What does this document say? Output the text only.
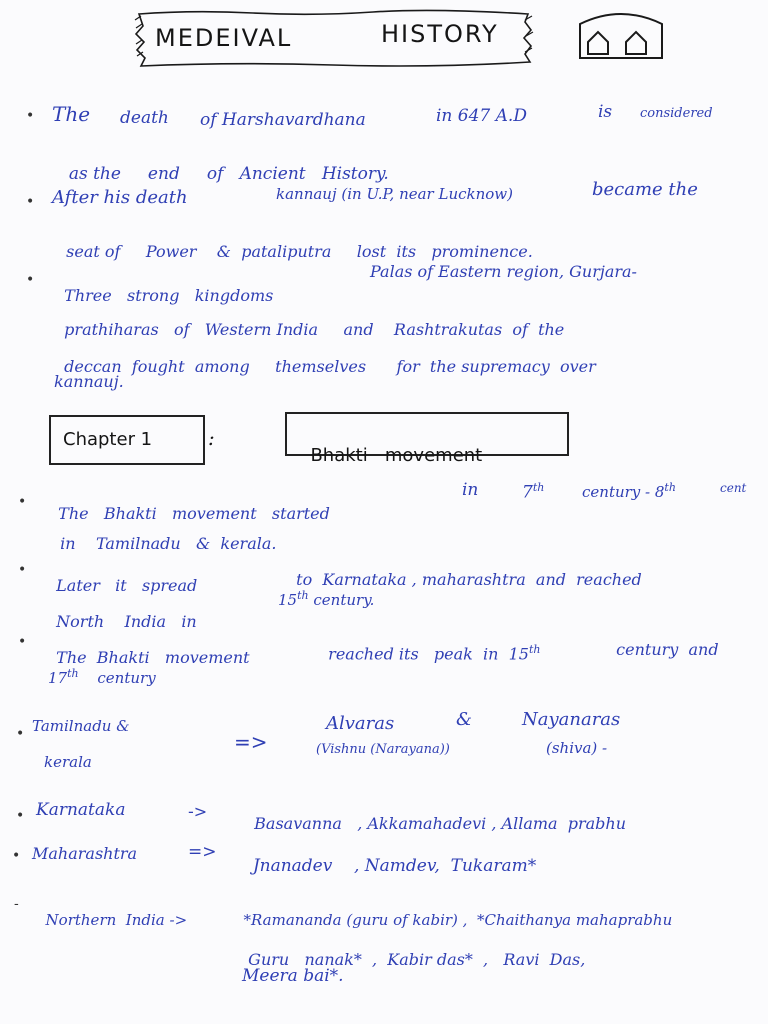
MEDEIVAL	HISTORY
• The death of Harshavardhana	in 647 A.D	is considered

as the     end     of   Ancient   History.

• After his death	kannauj (in U.P, near Lucknow)	became the

seat of     Power    &  pataliputra     lost  its   prominence.

•

Three   strong   kingdoms

Palas of Eastern region, Gurjara-

prathiharas   of   Western India     and    Rashtrakutas  of  the

deccan  fought  among     themselves      for  the supremacy  over

kannauj.
Chapter 1	:

Bhakti   movement

•

The   Bhakti   movement   started

in	7th	century - 8th	cent

in    Tamilnadu   &  kerala.

•

Later   it   spread	to  Karnataka , maharashtra  and  reached

North    India   in

15th century.
•

The  Bhakti   movement	reached its   peak  in  15th	century  and

17th century
• Tamilnadu &
kerala
=>
Alvaras	&	Nayanaras
(Vishnu (Narayana))	(shiva) -
• Karnataka	->

Basavanna   , Akkamahadevi , Allama  prabhu

• Maharashtra	=>

Jnanadev    , Namdev,  Tukaram*

-

Northern  India ->	*Ramananda (guru of kabir) ,  *Chaithanya mahaprabhu

Guru   nanak*  ,  Kabir das*  ,   Ravi  Das,

Meera bai*.
